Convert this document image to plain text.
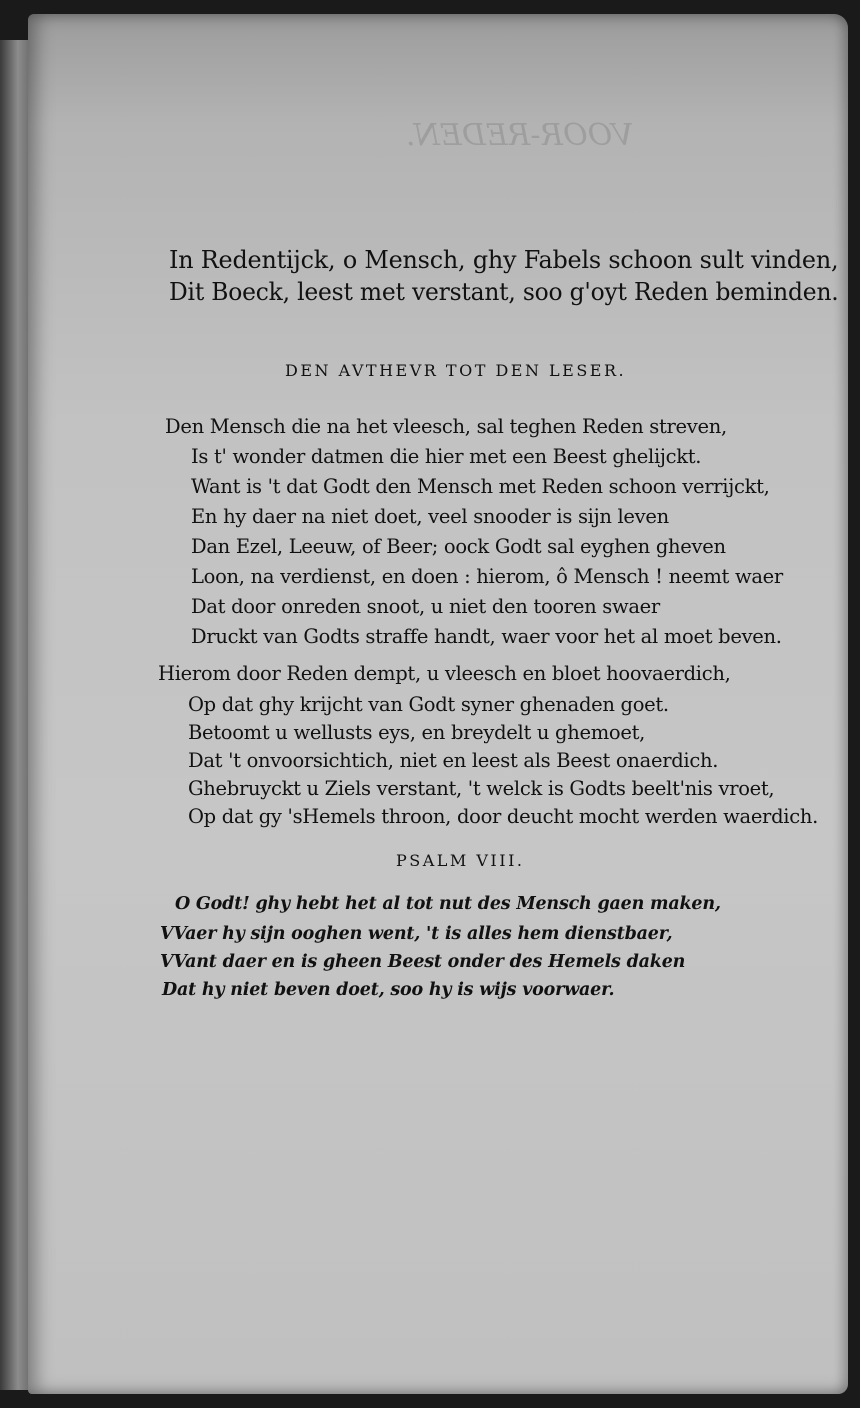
VOOR-REDEN.
In Redentijck, o Mensch, ghy Fabels schoon sult vinden,
Dit Boeck, leest met verstant, soo g'oyt Reden beminden.
DEN AVTHEVR TOT DEN LESER.
Den Mensch die na het vleesch, sal teghen Reden streven,
Is t' wonder datmen die hier met een Beest ghelijckt.
Want is 't dat Godt den Mensch met Reden schoon verrijckt,
En hy daer na niet doet, veel snooder is sijn leven
Dan Ezel, Leeuw, of Beer; oock Godt sal eyghen gheven
Loon, na verdienst, en doen : hierom, ô Mensch ! neemt waer
Dat door onreden snoot, u niet den tooren swaer
Druckt van Godts straffe handt, waer voor het al moet beven.
Hierom door Reden dempt, u vleesch en bloet hoovaerdich,
Op dat ghy krijcht van Godt syner ghenaden goet.
Betoomt u wellusts eys, en breydelt u ghemoet,
Dat 't onvoorsichtich, niet en leest als Beest onaerdich.
Ghebruyckt u Ziels verstant, 't welck is Godts beelt'nis vroet,
Op dat gy 'sHemels throon, door deucht mocht werden waerdich.
PSALM VIII.
O Godt! ghy hebt het al tot nut des Mensch gaen maken,
VVaer hy sijn ooghen went, 't is alles hem dienstbaer,
VVant daer en is gheen Beest onder des Hemels daken
Dat hy niet beven doet, soo hy is wijs voorwaer.
